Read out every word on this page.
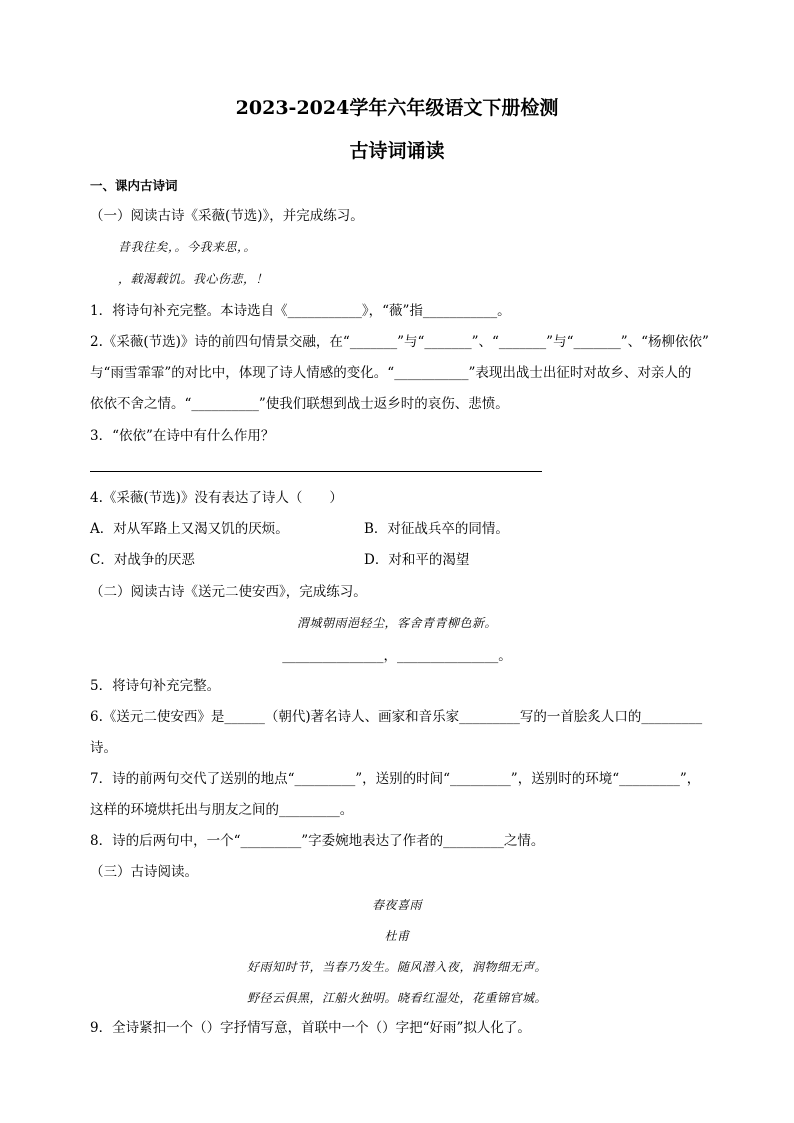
2023-2024学年六年级语文下册检测
古诗词诵读
一、课内古诗词
（一）阅读古诗《采薇(节选)》，并完成练习。
昔我往矣，。今我来思，。
，载渴载饥。我心伤悲，！
1．将诗句补充完整。本诗选自《___________》，“薇”指___________。
2.《采薇(节选)》诗的前四句情景交融，在“_______”与“_______”、“_______”与“_______”、“杨柳依依”
与“雨雪霏霏”的对比中，体现了诗人情感的变化。“___________”表现出战士出征时对故乡、对亲人的
依依不舍之情。“__________”使我们联想到战士返乡时的哀伤、悲愤。
3．“依依”在诗中有什么作用？
4.《采薇(节选)》没有表达了诗人（　　）
A．对从军路上又渴又饥的厌烦。	B．对征战兵卒的同情。
C．对战争的厌恶	D．对和平的渴望
（二）阅读古诗《送元二使安西》，完成练习。
渭城朝雨浥轻尘，客舍青青柳色新。
_______________，_______________。
5．将诗句补充完整。
6.《送元二使安西》是______（朝代)著名诗人、画家和音乐家_________写的一首脍炙人口的_________
诗。
7．诗的前两句交代了送别的地点“_________”，送别的时间“_________”，送别时的环境“_________”，
这样的环境烘托出与朋友之间的_________。
8．诗的后两句中，一个“_________”字委婉地表达了作者的_________之情。
（三）古诗阅读。
春夜喜雨
杜甫
好雨知时节，当春乃发生。随风潜入夜，润物细无声。
野径云俱黑，江船火独明。晓看红湿处，花重锦官城。
9．全诗紧扣一个（）字抒情写意，首联中一个（）字把“好雨”拟人化了。
